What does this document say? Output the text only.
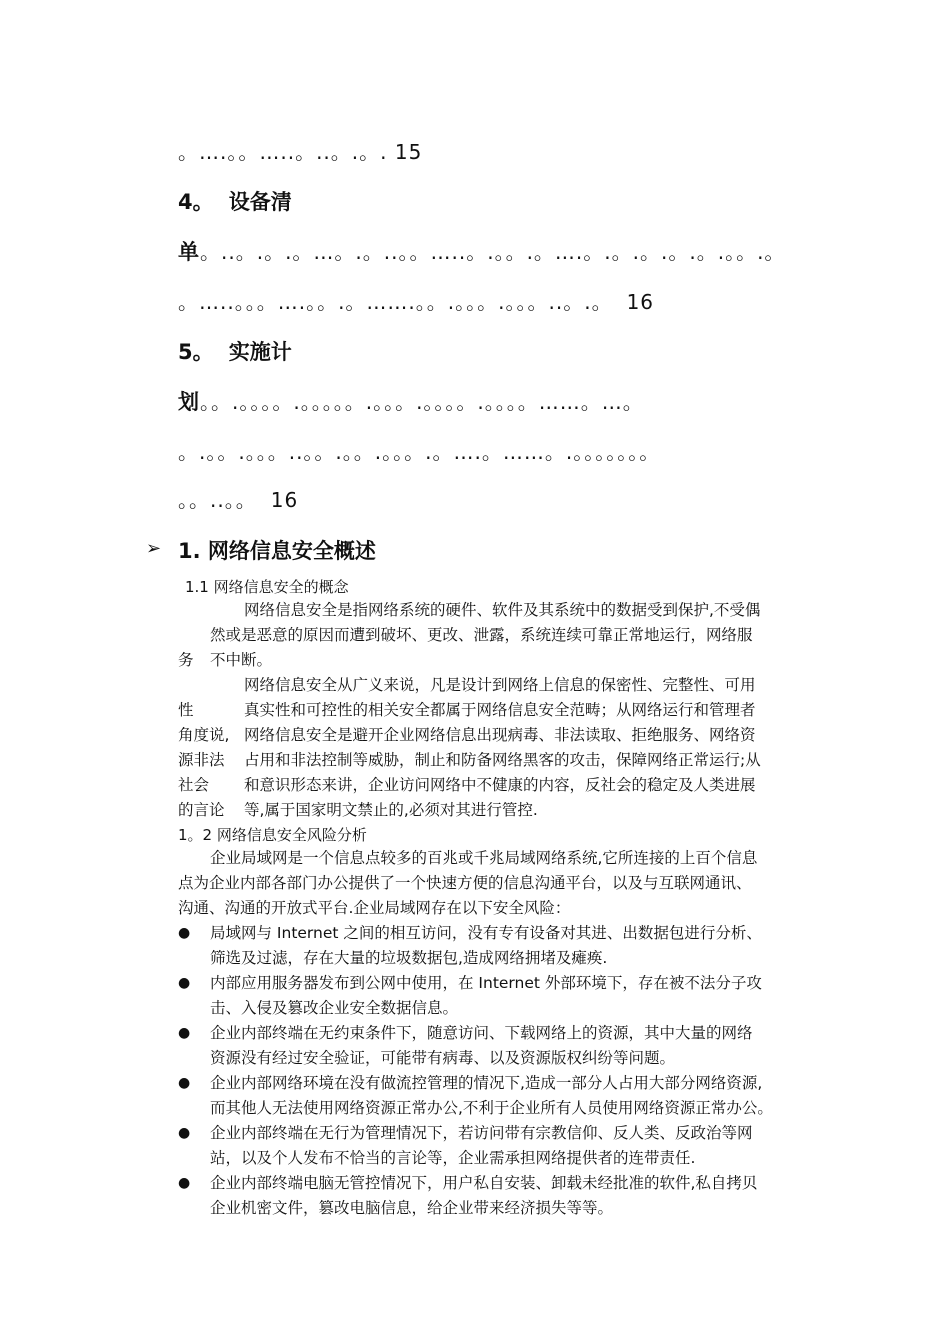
。….。。…..。..。.。. 15
4。 设备清
单。..。.。.。…。.。..。。…..。.。。.。….。.。.。.。.。.。。.。
。…..。。。….。。.。…….。。.。。。.。。。..。.。 16
5。 实施计
划。。.。。。。.。。。。。.。。。.。。。。.。。。。……。…。
。.。。.。。。..。。.。。.。。。.。….。……。.。。。。。。。
。。..。。 16
➢ 1. 网络信息安全概述
1.1 网络信息安全的概念
网络信息安全是指网络系统的硬件、软件及其系统中的数据受到保护,不受偶
然或是恶意的原因而遭到破坏、更改、泄露，系统连续可靠正常地运行，网络服
务 不中断。
网络信息安全从广义来说，凡是设计到网络上信息的保密性、完整性、可用
性	真实性和可控性的相关安全都属于网络信息安全范畴；从网络运行和管理者
角度说, 网络信息安全是避开企业网络信息出现病毒、非法读取、拒绝服务、网络资
源非法 占用和非法控制等威胁，制止和防备网络黑客的攻击，保障网络正常运行;从
社会 和意识形态来讲，企业访问网络中不健康的内容，反社会的稳定及人类进展
的言论 等,属于国家明文禁止的,必须对其进行管控.
1。2 网络信息安全风险分析
企业局域网是一个信息点较多的百兆或千兆局域网络系统,它所连接的上百个信息
点为企业内部各部门办公提供了一个快速方便的信息沟通平台，以及与互联网通讯、
沟通、沟通的开放式平台.企业局域网存在以下安全风险：
● 局域网与 Internet 之间的相互访问，没有专有设备对其进、出数据包进行分析、
筛选及过滤，存在大量的垃圾数据包,造成网络拥堵及瘫痪.
● 内部应用服务器发布到公网中使用，在 Internet 外部环境下，存在被不法分子攻
击、入侵及篡改企业安全数据信息。
● 企业内部终端在无约束条件下，随意访问、下载网络上的资源，其中大量的网络
资源没有经过安全验证，可能带有病毒、以及资源版权纠纷等问题。
● 企业内部网络环境在没有做流控管理的情况下,造成一部分人占用大部分网络资源,
而其他人无法使用网络资源正常办公,不利于企业所有人员使用网络资源正常办公。
● 企业内部终端在无行为管理情况下，若访问带有宗教信仰、反人类、反政治等网
站，以及个人发布不恰当的言论等，企业需承担网络提供者的连带责任.
● 企业内部终端电脑无管控情况下，用户私自安装、卸载未经批准的软件,私自拷贝
企业机密文件，篡改电脑信息，给企业带来经济损失等等。
